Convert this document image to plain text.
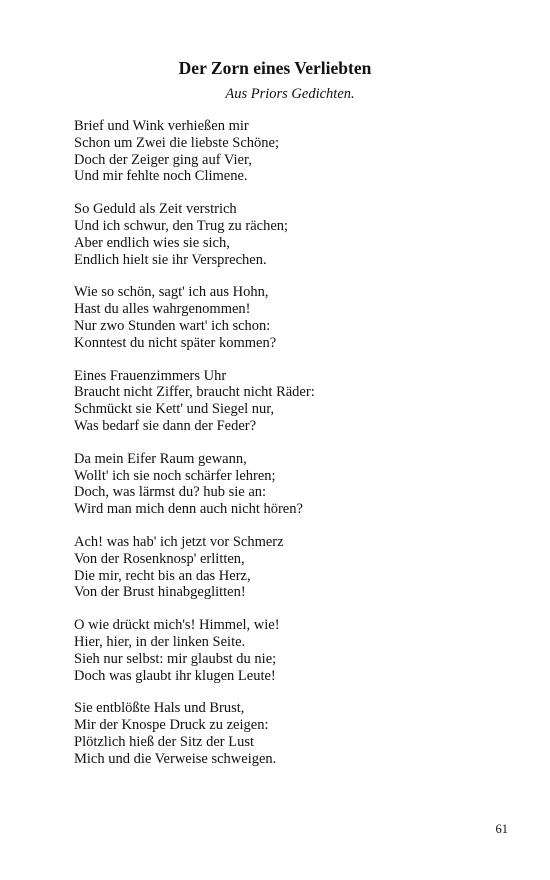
Der Zorn eines Verliebten

Aus Priors Gedichten.

Brief und Wink verhießen mir
Schon um Zwei die liebste Schöne;
Doch der Zeiger ging auf Vier,
Und mir fehlte noch Climene.
So Geduld als Zeit verstrich
Und ich schwur, den Trug zu rächen;
Aber endlich wies sie sich,
Endlich hielt sie ihr Versprechen.
Wie so schön, sagt' ich aus Hohn,
Hast du alles wahrgenommen!
Nur zwo Stunden wart' ich schon:
Konntest du nicht später kommen?
Eines Frauenzimmers Uhr
Braucht nicht Ziffer, braucht nicht Räder:
Schmückt sie Kett' und Siegel nur,
Was bedarf sie dann der Feder?
Da mein Eifer Raum gewann,
Wollt' ich sie noch schärfer lehren;
Doch, was lärmst du? hub sie an:
Wird man mich denn auch nicht hören?
Ach! was hab' ich jetzt vor Schmerz
Von der Rosenknosp' erlitten,
Die mir, recht bis an das Herz,
Von der Brust hinabgeglitten!
O wie drückt mich's! Himmel, wie!
Hier, hier, in der linken Seite.
Sieh nur selbst: mir glaubst du nie;
Doch was glaubt ihr klugen Leute!
Sie entblößte Hals und Brust,
Mir der Knospe Druck zu zeigen:
Plötzlich hieß der Sitz der Lust
Mich und die Verweise schweigen.
61
